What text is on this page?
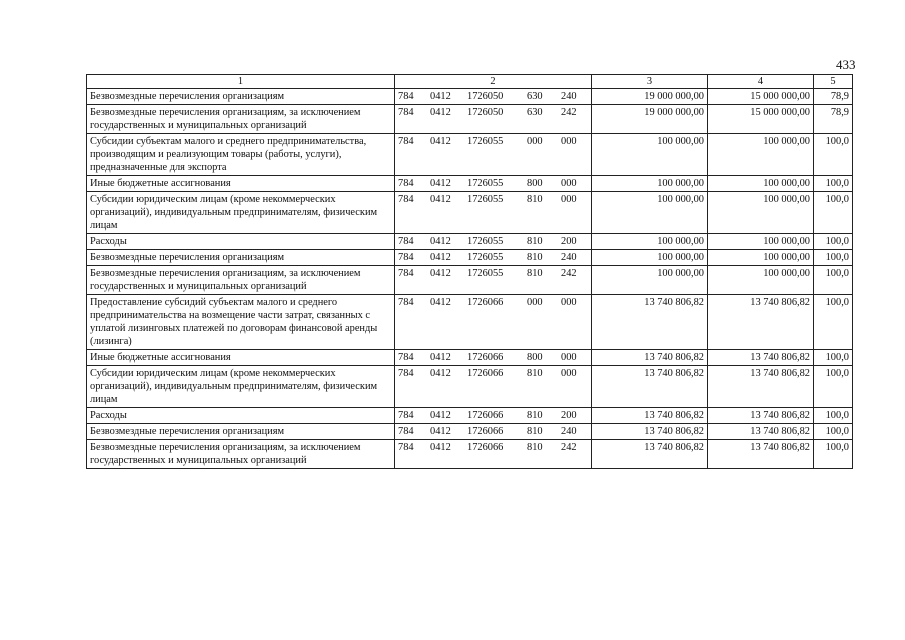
433
1	2	3	4	5
Безвозмездные перечисления организациям	784 0412 1726050 630 240	19 000 000,00	15 000 000,00	78,9
Безвозмездные перечисления организациям, за исключением государственных и муниципальных организаций	784 0412 1726050 630 242	19 000 000,00	15 000 000,00	78,9
Субсидии субъектам малого и среднего предпринимательства, производящим и реализующим товары (работы, услуги), предназначенные для экспорта	784 0412 1726055 000 000	100 000,00	100 000,00	100,0
Иные бюджетные ассигнования	784 0412 1726055 800 000	100 000,00	100 000,00	100,0
Субсидии юридическим лицам (кроме некоммерческих организаций), индивидуальным предпринимателям, физическим лицам	784 0412 1726055 810 000	100 000,00	100 000,00	100,0
Расходы	784 0412 1726055 810 200	100 000,00	100 000,00	100,0
Безвозмездные перечисления организациям	784 0412 1726055 810 240	100 000,00	100 000,00	100,0
Безвозмездные перечисления организациям, за исключением государственных и муниципальных организаций	784 0412 1726055 810 242	100 000,00	100 000,00	100,0
Предоставление субсидий субъектам малого и среднего предпринимательства на возмещение части затрат, связанных с уплатой лизинговых платежей по договорам финансовой аренды (лизинга)	784 0412 1726066 000 000	13 740 806,82	13 740 806,82	100,0
Иные бюджетные ассигнования	784 0412 1726066 800 000	13 740 806,82	13 740 806,82	100,0
Субсидии юридическим лицам (кроме некоммерческих организаций), индивидуальным предпринимателям, физическим лицам	784 0412 1726066 810 000	13 740 806,82	13 740 806,82	100,0
Расходы	784 0412 1726066 810 200	13 740 806,82	13 740 806,82	100,0
Безвозмездные перечисления организациям	784 0412 1726066 810 240	13 740 806,82	13 740 806,82	100,0
Безвозмездные перечисления организациям, за исключением государственных и муниципальных организаций	784 0412 1726066 810 242	13 740 806,82	13 740 806,82	100,0
